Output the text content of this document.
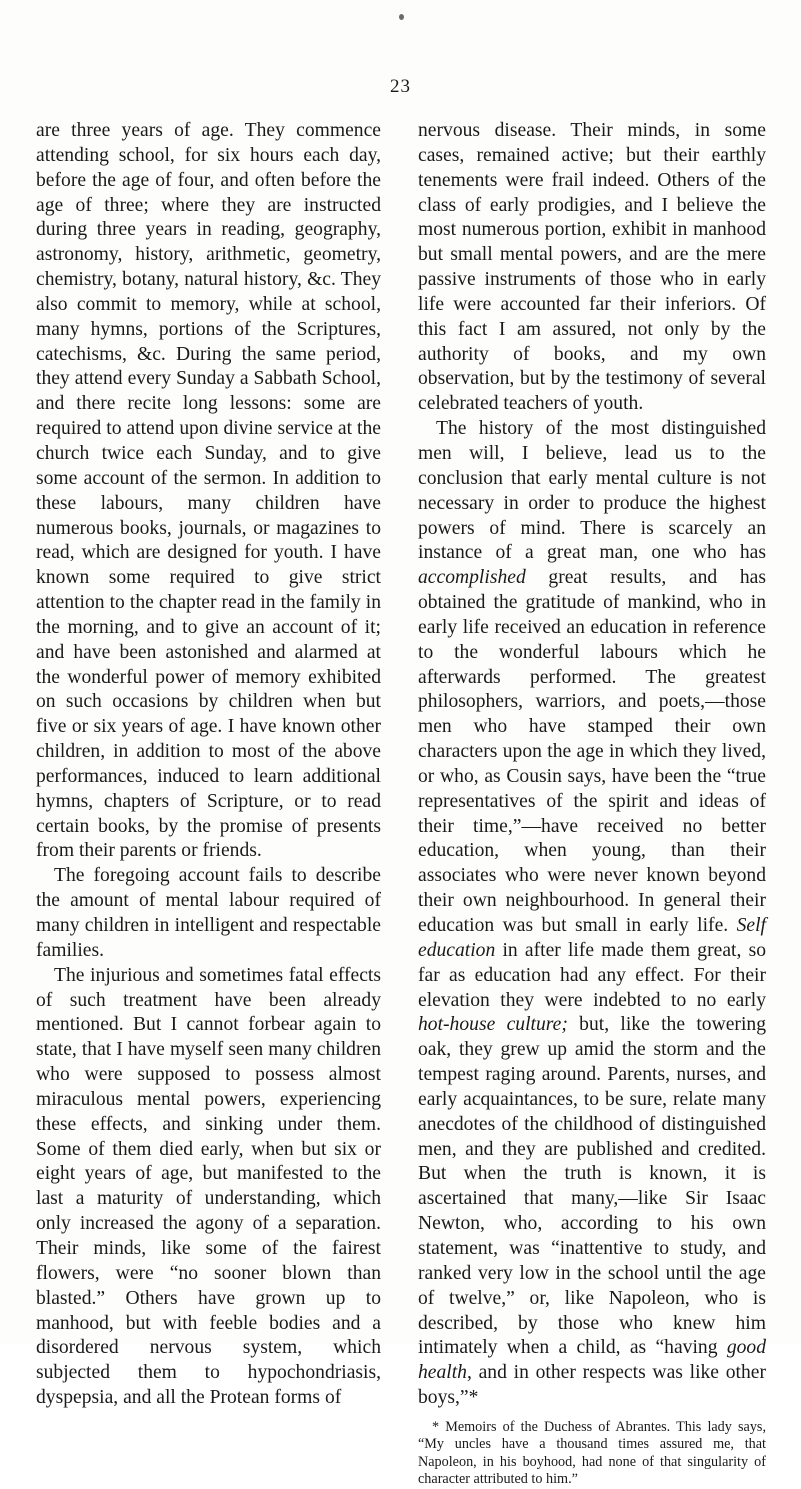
23

are three years of age. They commence attending school, for six hours each day, before the age of four, and often before the age of three; where they are instructed during three years in reading, geography, astronomy, history, arithmetic, geometry, chemistry, botany, natural history, &c. They also commit to memory, while at school, many hymns, portions of the Scriptures, catechisms, &c. During the same period, they attend every Sunday a Sabbath School, and there recite long lessons: some are required to attend upon divine service at the church twice each Sunday, and to give some account of the sermon. In addition to these labours, many children have numerous books, journals, or magazines to read, which are designed for youth. I have known some required to give strict attention to the chapter read in the family in the morning, and to give an account of it; and have been astonished and alarmed at the wonderful power of memory exhibited on such occasions by children when but five or six years of age. I have known other children, in addition to most of the above performances, induced to learn additional hymns, chapters of Scripture, or to read certain books, by the promise of presents from their parents or friends.

The foregoing account fails to describe the amount of mental labour required of many children in intelligent and respectable families.

The injurious and sometimes fatal effects of such treatment have been already mentioned. But I cannot forbear again to state, that I have myself seen many children who were supposed to possess almost miraculous mental powers, experiencing these effects, and sinking under them. Some of them died early, when but six or eight years of age, but manifested to the last a maturity of understanding, which only increased the agony of a separation. Their minds, like some of the fairest flowers, were “no sooner blown than blasted.” Others have grown up to manhood, but with feeble bodies and a disordered nervous system, which subjected them to hypochondriasis, dyspepsia, and all the Protean forms of

nervous disease. Their minds, in some cases, remained active; but their earthly tenements were frail indeed. Others of the class of early prodigies, and I believe the most numerous portion, exhibit in manhood but small mental powers, and are the mere passive instruments of those who in early life were accounted far their inferiors. Of this fact I am assured, not only by the authority of books, and my own observation, but by the testimony of several celebrated teachers of youth.

The history of the most distinguished men will, I believe, lead us to the conclusion that early mental culture is not necessary in order to produce the highest powers of mind. There is scarcely an instance of a great man, one who has accomplished great results, and has obtained the gratitude of mankind, who in early life received an education in reference to the wonderful labours which he afterwards performed. The greatest philosophers, warriors, and poets,—those men who have stamped their own characters upon the age in which they lived, or who, as Cousin says, have been the “true representatives of the spirit and ideas of their time,”—have received no better education, when young, than their associates who were never known beyond their own neighbourhood. In general their education was but small in early life. Self education in after life made them great, so far as education had any effect. For their elevation they were indebted to no early hot-house culture; but, like the towering oak, they grew up amid the storm and the tempest raging around. Parents, nurses, and early acquaintances, to be sure, relate many anecdotes of the childhood of distinguished men, and they are published and credited. But when the truth is known, it is ascertained that many,—like Sir Isaac Newton, who, according to his own statement, was “inattentive to study, and ranked very low in the school until the age of twelve,” or, like Napoleon, who is described, by those who knew him intimately when a child, as “having good health, and in other respects was like other boys,”*

* Memoirs of the Duchess of Abrantes. This lady says, “My uncles have a thousand times assured me, that Napoleon, in his boyhood, had none of that singularity of character attributed to him.”
